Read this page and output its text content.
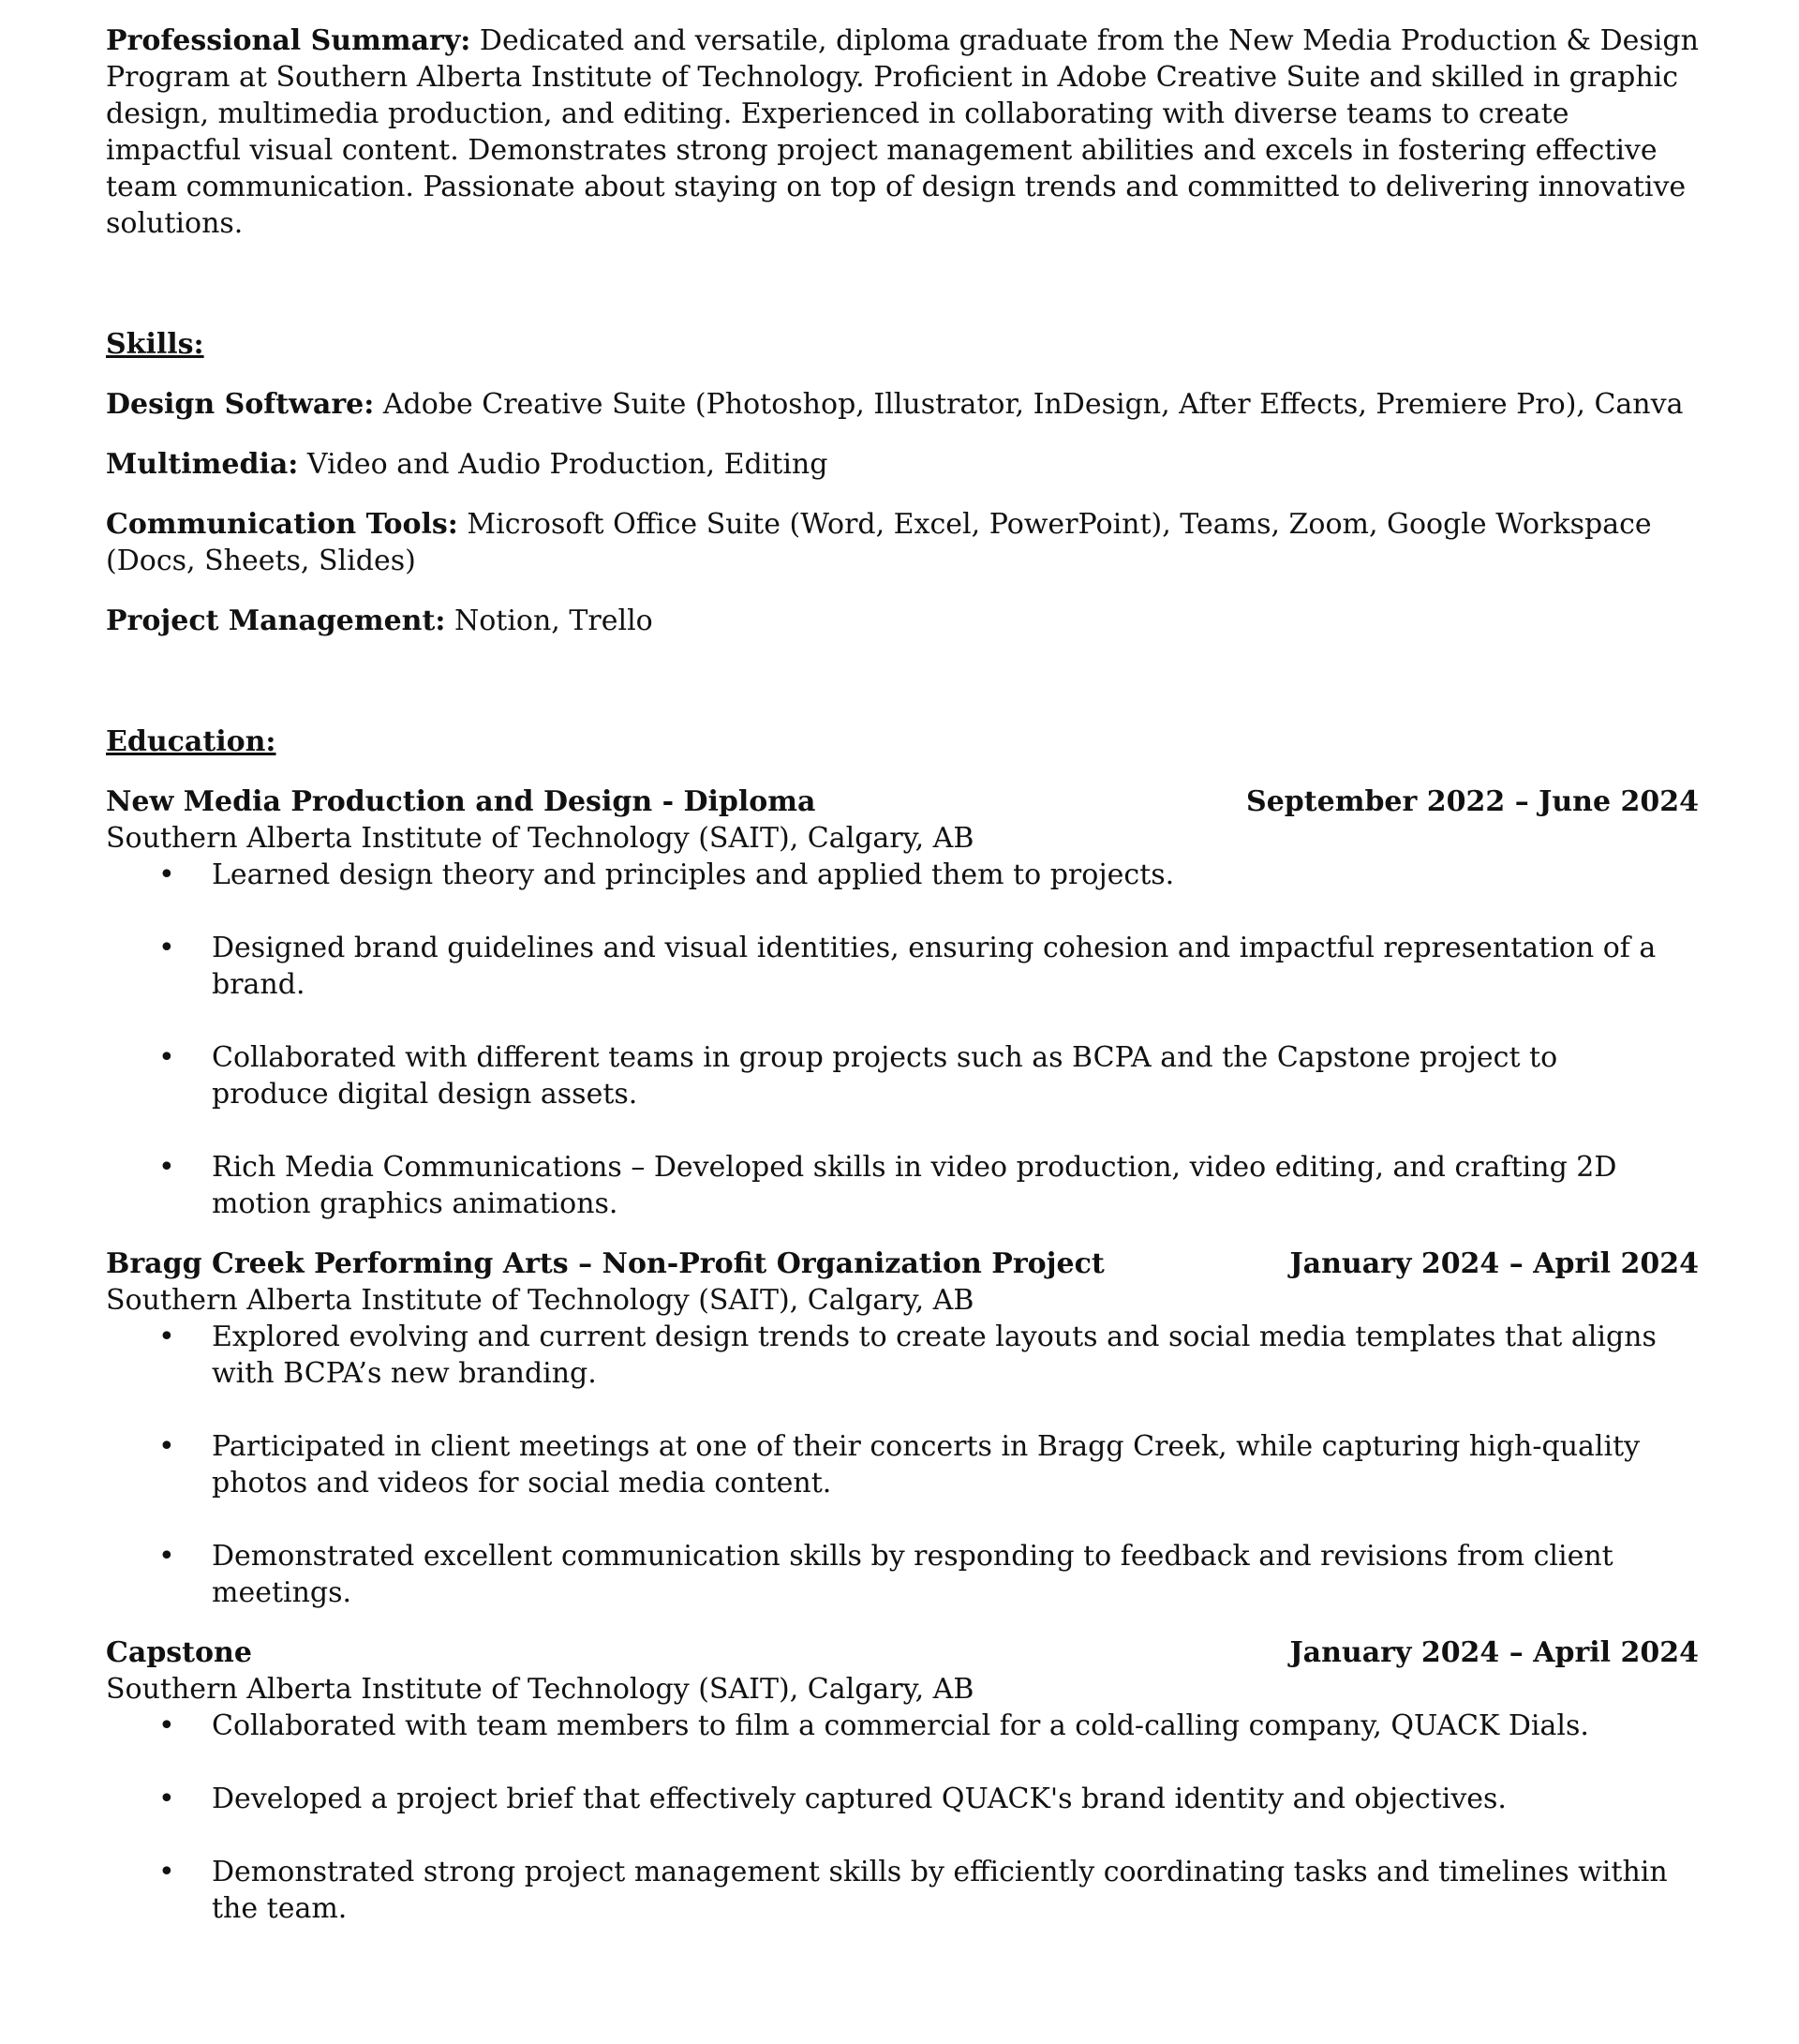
Professional Summary: Dedicated and versatile, diploma graduate from the New Media Production & Design Program at Southern Alberta Institute of Technology. Proficient in Adobe Creative Suite and skilled in graphic design, multimedia production, and editing. Experienced in collaborating with diverse teams to create impactful visual content. Demonstrates strong project management abilities and excels in fostering effective team communication. Passionate about staying on top of design trends and committed to delivering innovative solutions.

Skills:

Design Software: Adobe Creative Suite (Photoshop, Illustrator, InDesign, After Effects, Premiere Pro), Canva

Multimedia: Video and Audio Production, Editing

Communication Tools: Microsoft Office Suite (Word, Excel, PowerPoint), Teams, Zoom, Google Workspace (Docs, Sheets, Slides)

Project Management: Notion, Trello

Education:

New Media Production and Design - Diploma	September 2022 – June 2024

Southern Alberta Institute of Technology (SAIT), Calgary, AB

• Learned design theory and principles and applied them to projects.
• Designed brand guidelines and visual identities, ensuring cohesion and impactful representation of a brand.
• Collaborated with different teams in group projects such as BCPA and the Capstone project to produce digital design assets.
• Rich Media Communications – Developed skills in video production, video editing, and crafting 2D motion graphics animations.
Bragg Creek Performing Arts – Non-Profit Organization Project	January 2024 – April 2024

Southern Alberta Institute of Technology (SAIT), Calgary, AB

• Explored evolving and current design trends to create layouts and social media templates that aligns with BCPA’s new branding.
• Participated in client meetings at one of their concerts in Bragg Creek, while capturing high-quality photos and videos for social media content.
• Demonstrated excellent communication skills by responding to feedback and revisions from client meetings.
Capstone	January 2024 – April 2024

Southern Alberta Institute of Technology (SAIT), Calgary, AB

• Collaborated with team members to film a commercial for a cold-calling company, QUACK Dials.
• Developed a project brief that effectively captured QUACK's brand identity and objectives.
• Demonstrated strong project management skills by efficiently coordinating tasks and timelines within the team.
